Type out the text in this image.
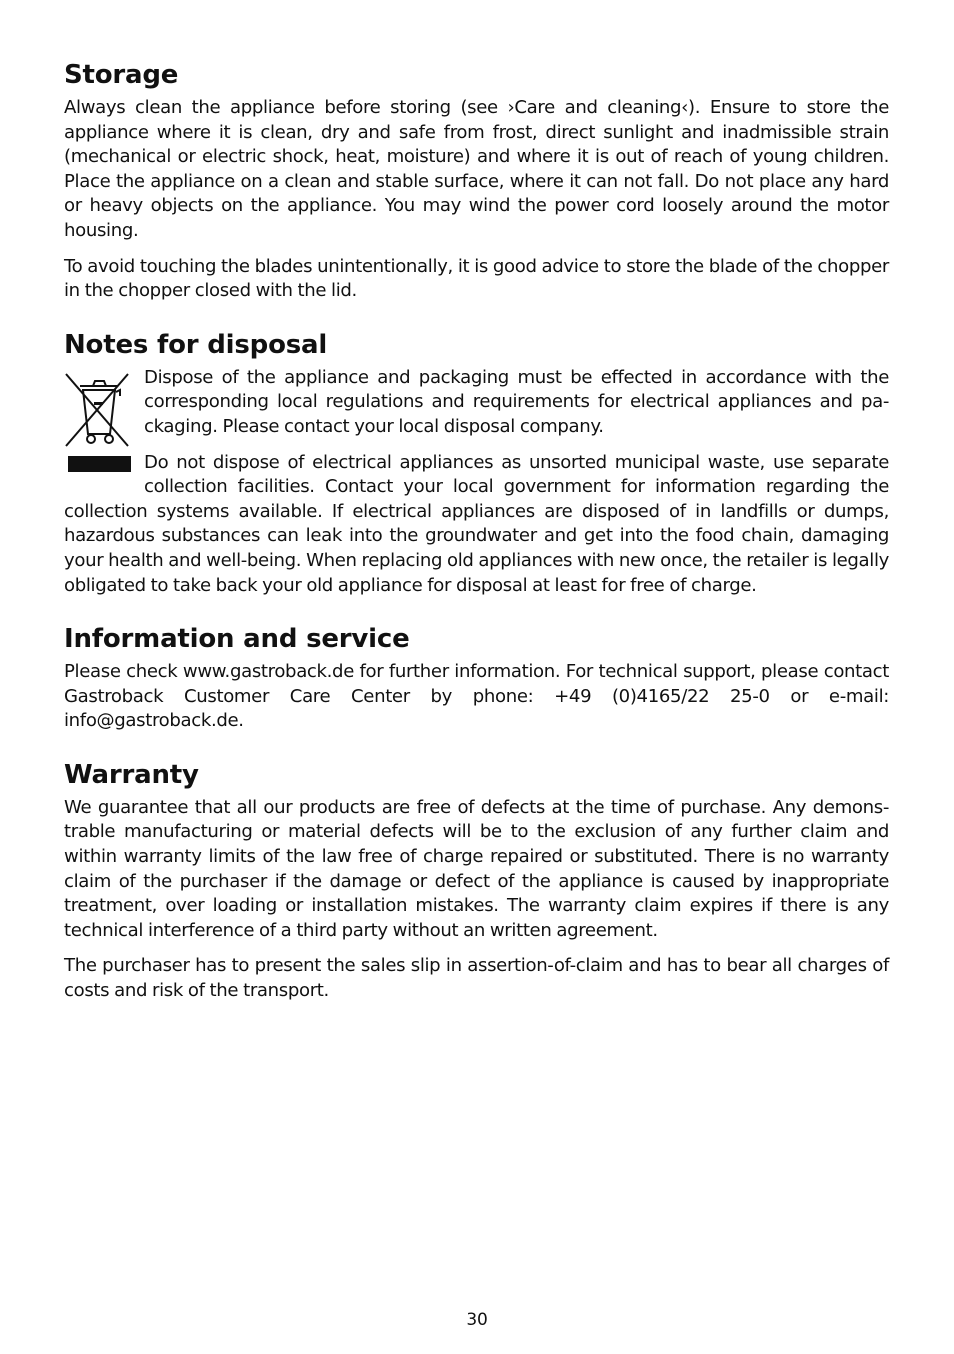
Storage

Always clean the appliance before storing (see ›Care and cleaning‹). Ensure to store the appliance where it is clean, dry and safe from frost, direct sunlight and inadmissible strain (mechanical or electric shock, heat, moisture) and where it is out of reach of young children. Place the appliance on a clean and stable surface, where it can not fall. Do not place any hard or heavy objects on the appliance. You may wind the power cord loosely around the motor housing.

To avoid touching the blades unintentionally, it is good advice to store the blade of the chopper in the chopper closed with the lid.

Notes for disposal

Dispose of the appliance and packaging must be effected in accordance with the corresponding local regulations and requirements for electrical appliances and pa-ckaging. Please contact your local disposal company.

Do not dispose of electrical appliances as unsorted municipal waste, use separate collection facilities. Contact your local government for information regarding the collection systems available. If electrical appliances are disposed of in landfills or dumps, hazardous substances can leak into the groundwater and get into the food chain, damaging your health and well-being. When replacing old appliances with new once, the retailer is legally obligated to take back your old appliance for disposal at least for free of charge.

Information and service

Please check www.gastroback.de for further information. For technical support, please contact Gastroback Customer Care Center by phone: +49 (0)4165/22 25-0 or e-mail: info@gastroback.de.

Warranty

We guarantee that all our products are free of defects at the time of purchase. Any demons-trable manufacturing or material defects will be to the exclusion of any further claim and within warranty limits of the law free of charge repaired or substituted. There is no warranty claim of the purchaser if the damage or defect of the appliance is caused by inappropriate treatment, over loading or installation mistakes. The warranty claim expires if there is any technical interference of a third party without an written agreement.

The purchaser has to present the sales slip in assertion-of-claim and has to bear all charges of costs and risk of the transport.

30
